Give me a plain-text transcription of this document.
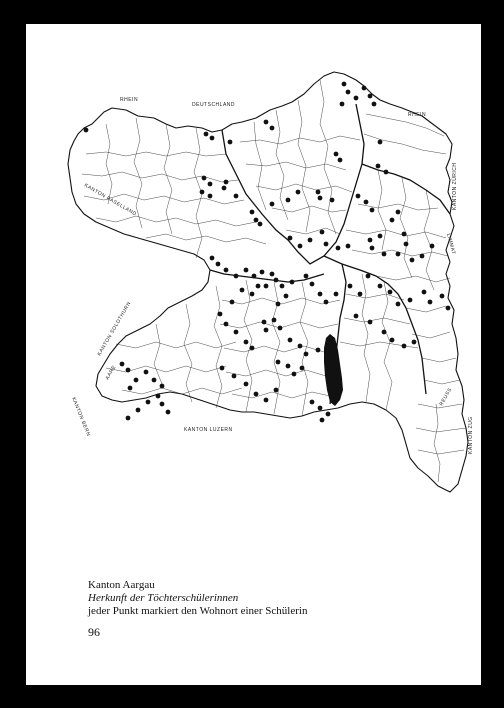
RHEIN
DEUTSCHLAND
RHEIN
KANTON ZÜRICH
LIMMAT
KANTON BASELLAND
KANTON SOLOTHURN
AARE
KANTON BERN	KANTON LUZERN	KANTON ZUG
REUSS
Kanton Aargau
Herkunft der Töchterschülerinnen
jeder Punkt markiert den Wohnort einer Schülerin
96
